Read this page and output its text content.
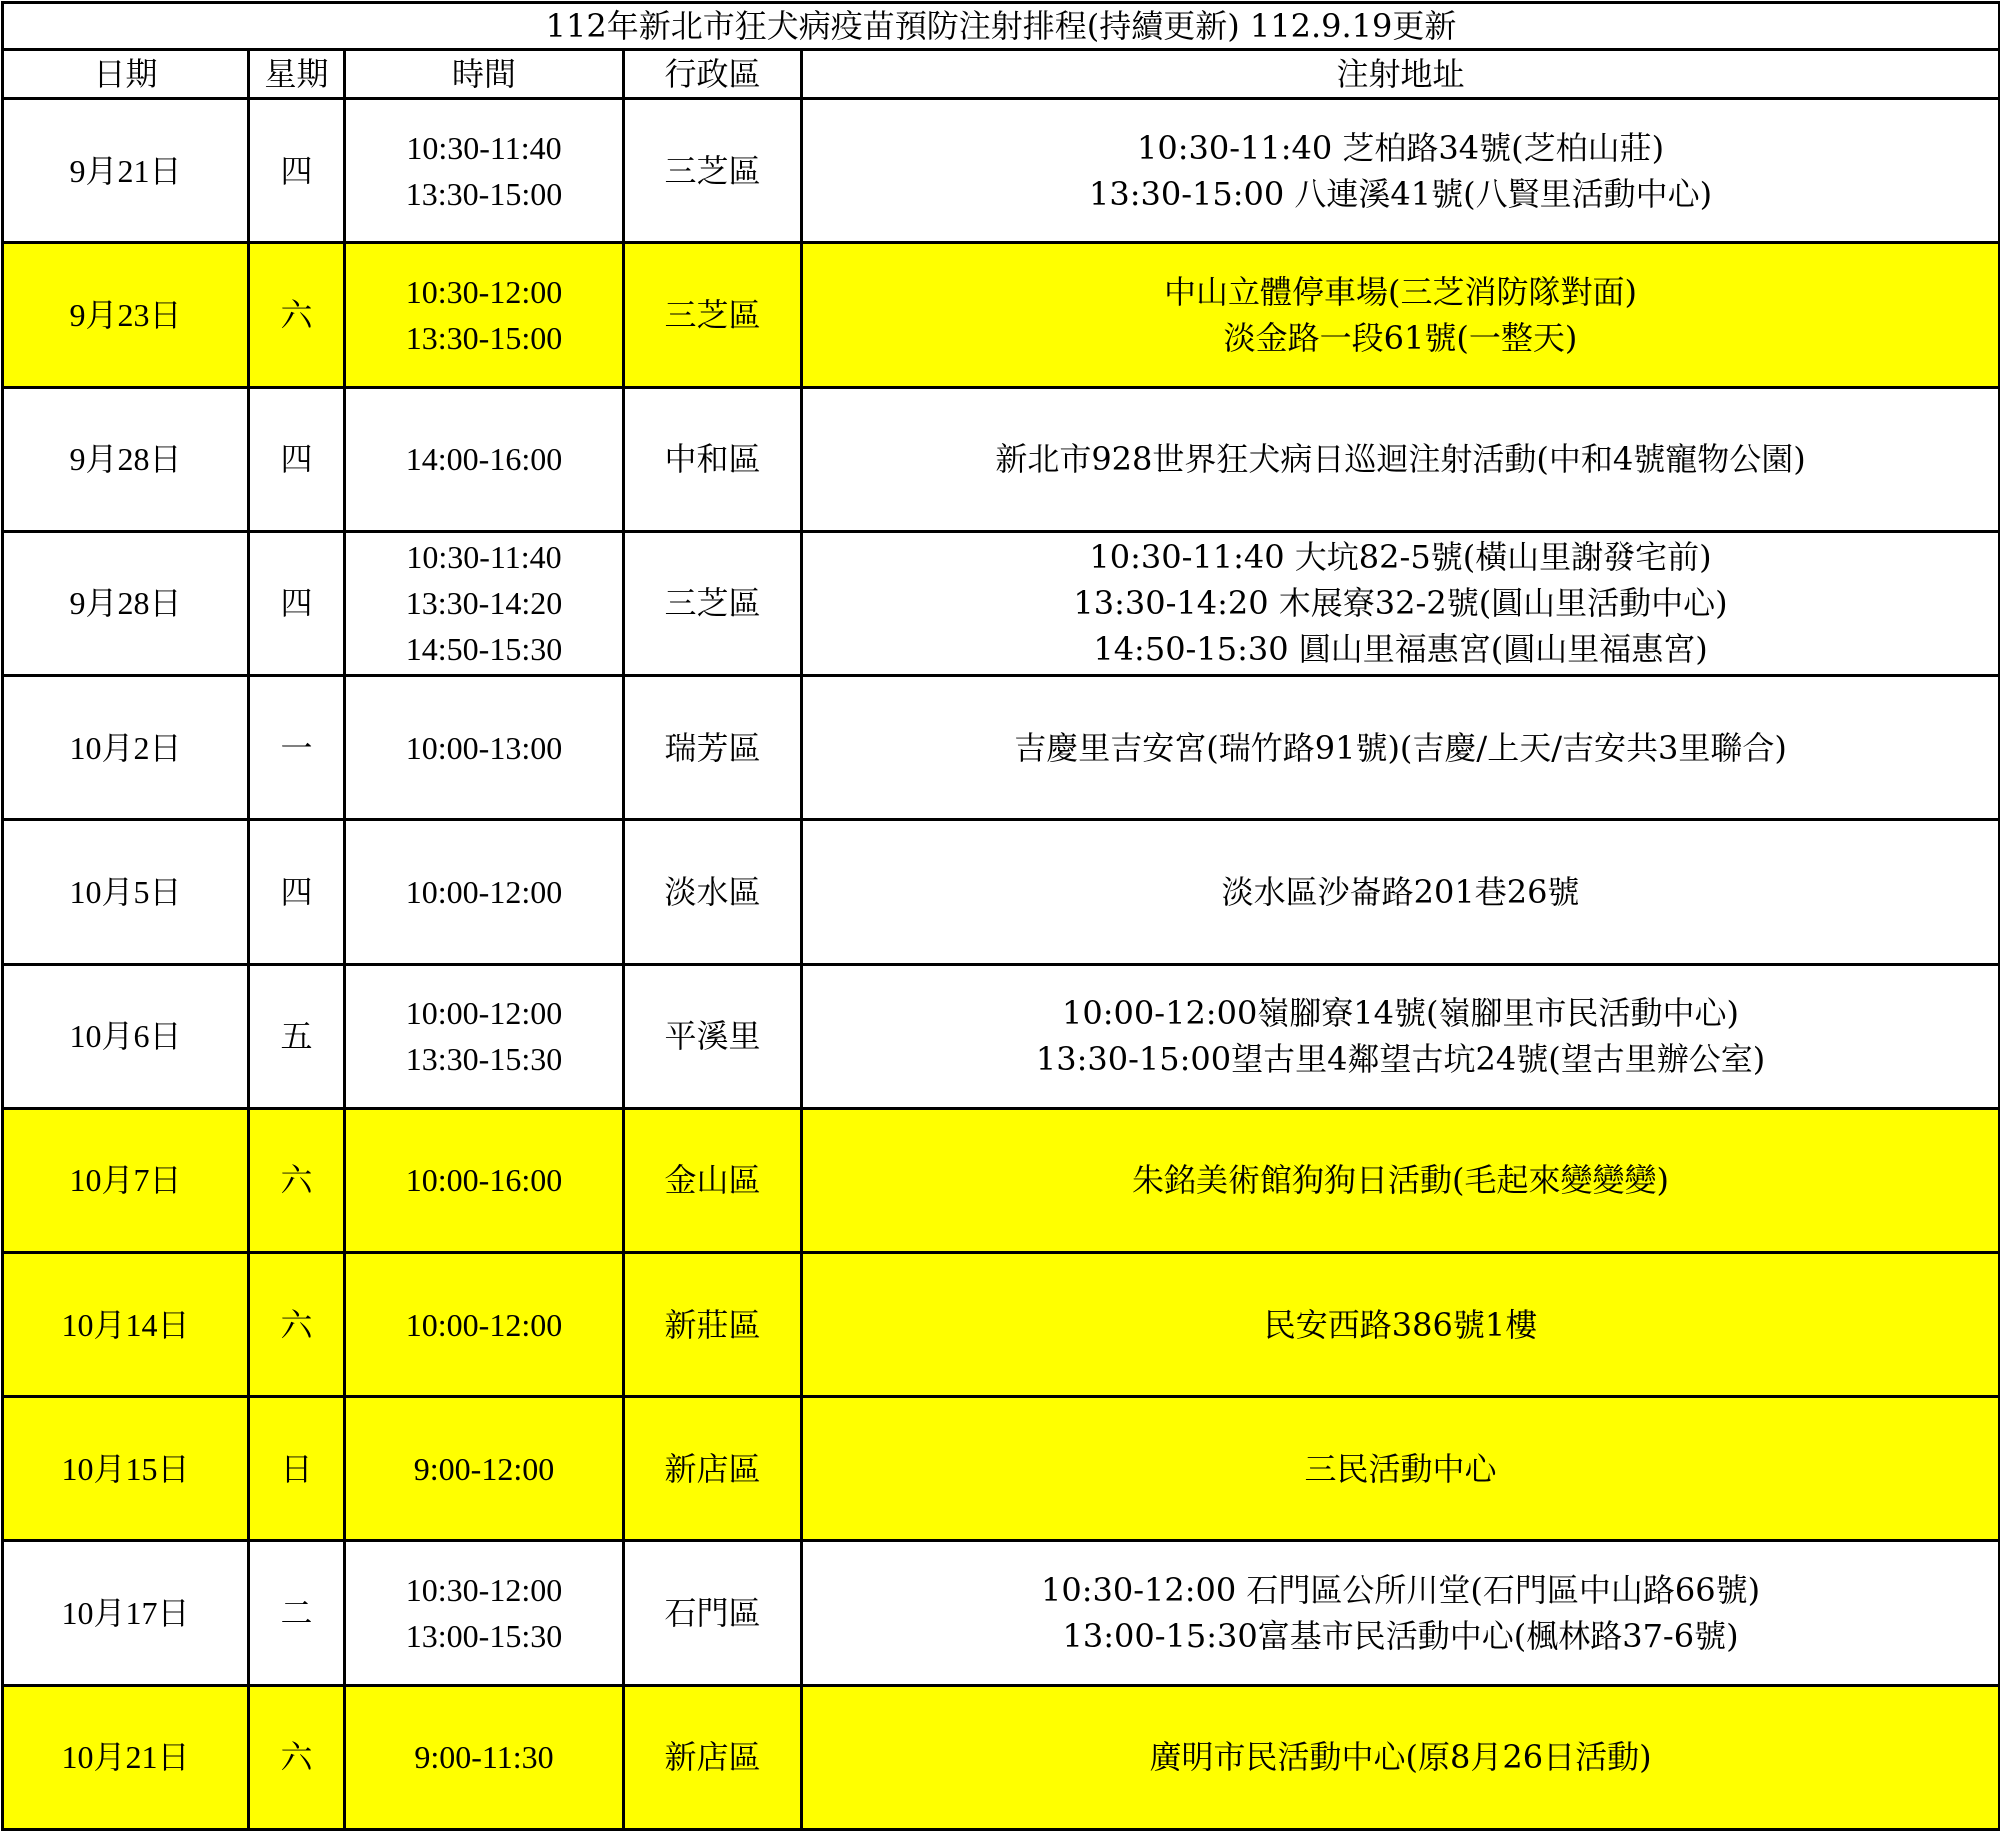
112年新北市狂犬病疫苗預防注射排程(持續更新) 112.9.19更新				
日期	星期	時間	行政區	注射地址

9月21日	四	10:30-11:40
13:30-15:00	三芝區	10:30-11:40 芝柏路34號(芝柏山莊)
13:30-15:00 八連溪41號(八賢里活動中心)

9月23日	六	10:30-12:00
13:30-15:00	三芝區	中山立體停車場(三芝消防隊對面)
淡金路一段61號(一整天)

9月28日	四	14:00-16:00	中和區	新北市928世界狂犬病日巡迴注射活動(中和4號寵物公園)

9月28日	四	10:30-11:40
13:30-14:20
14:50-15:30	三芝區	10:30-11:40 大坑82-5號(橫山里謝發宅前)
13:30-14:20 木展寮32-2號(圓山里活動中心)
14:50-15:30 圓山里福惠宮(圓山里福惠宮)

10月2日	一	10:00-13:00	瑞芳區	吉慶里吉安宮(瑞竹路91號)(吉慶/上天/吉安共3里聯合)

10月5日	四	10:00-12:00	淡水區	淡水區沙崙路201巷26號

10月6日	五	10:00-12:00
13:30-15:30	平溪里	10:00-12:00嶺腳寮14號(嶺腳里市民活動中心)
13:30-15:00望古里4鄰望古坑24號(望古里辦公室)

10月7日	六	10:00-16:00	金山區	朱銘美術館狗狗日活動(毛起來變變變)

10月14日	六	10:00-12:00	新莊區	民安西路386號1樓

10月15日	日	9:00-12:00	新店區	三民活動中心

10月17日	二	10:30-12:00
13:00-15:30	石門區	10:30-12:00 石門區公所川堂(石門區中山路66號)
13:00-15:30富基市民活動中心(楓林路37-6號)

10月21日	六	9:00-11:30	新店區	廣明市民活動中心(原8月26日活動)
